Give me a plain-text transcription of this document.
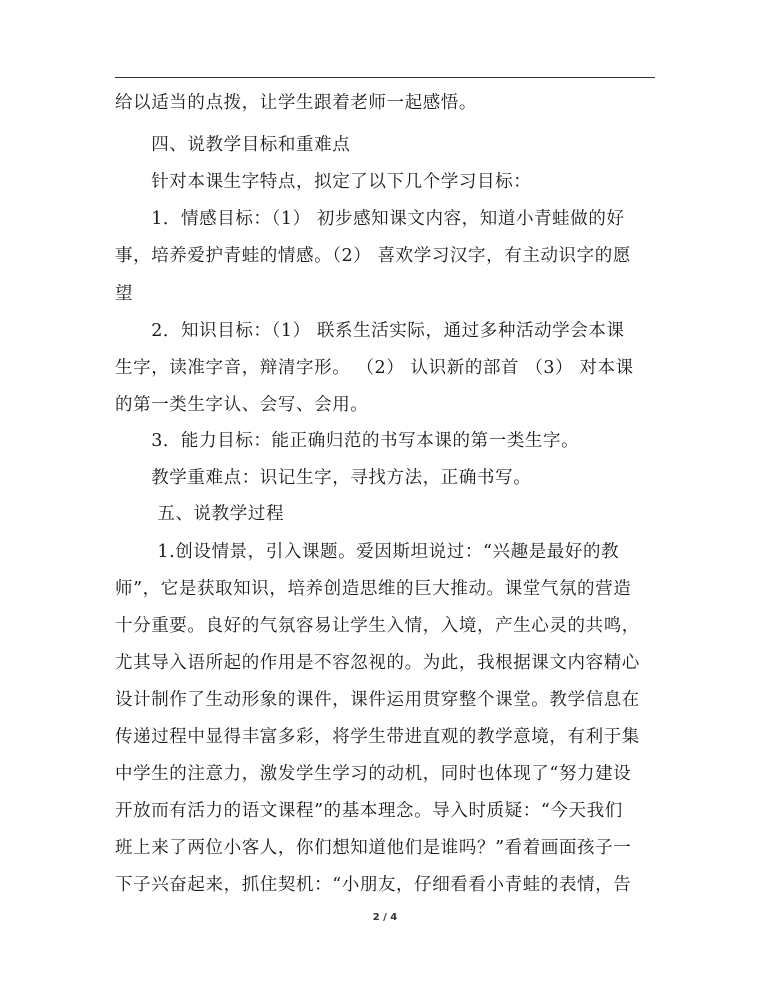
给以适当的点拨，让学生跟着老师一起感悟。
　　四、说教学目标和重难点
　　针对本课生字特点，拟定了以下几个学习目标：
　　1．情感目标：（1） 初步感知课文内容，知道小青蛙做的好
事，培养爱护青蛙的情感。（2） 喜欢学习汉字，有主动识字的愿
望
　　2．知识目标：（1） 联系生活实际，通过多种活动学会本课
生字，读准字音，辩清字形。 （2） 认识新的部首 （3） 对本课
的第一类生字认、会写、会用。
　　3．能力目标：能正确归范的书写本课的第一类生字。
　　教学重难点：识记生字，寻找方法，正确书写。
　　 五、说教学过程
　　 1.创设情景，引入课题。爱因斯坦说过：“兴趣是最好的教
师”，它是获取知识，培养创造思维的巨大推动。课堂气氛的营造
十分重要。良好的气氛容易让学生入情，入境，产生心灵的共鸣，
尤其导入语所起的作用是不容忽视的。为此，我根据课文内容精心
设计制作了生动形象的课件，课件运用贯穿整个课堂。教学信息在
传递过程中显得丰富多彩，将学生带进直观的教学意境，有利于集
中学生的注意力，激发学生学习的动机，同时也体现了“努力建设
开放而有活力的语文课程”的基本理念。导入时质疑：“今天我们
班上来了两位小客人，你们想知道他们是谁吗？”看着画面孩子一
下子兴奋起来，抓住契机：“小朋友，仔细看看小青蛙的表情，告
2 / 4
